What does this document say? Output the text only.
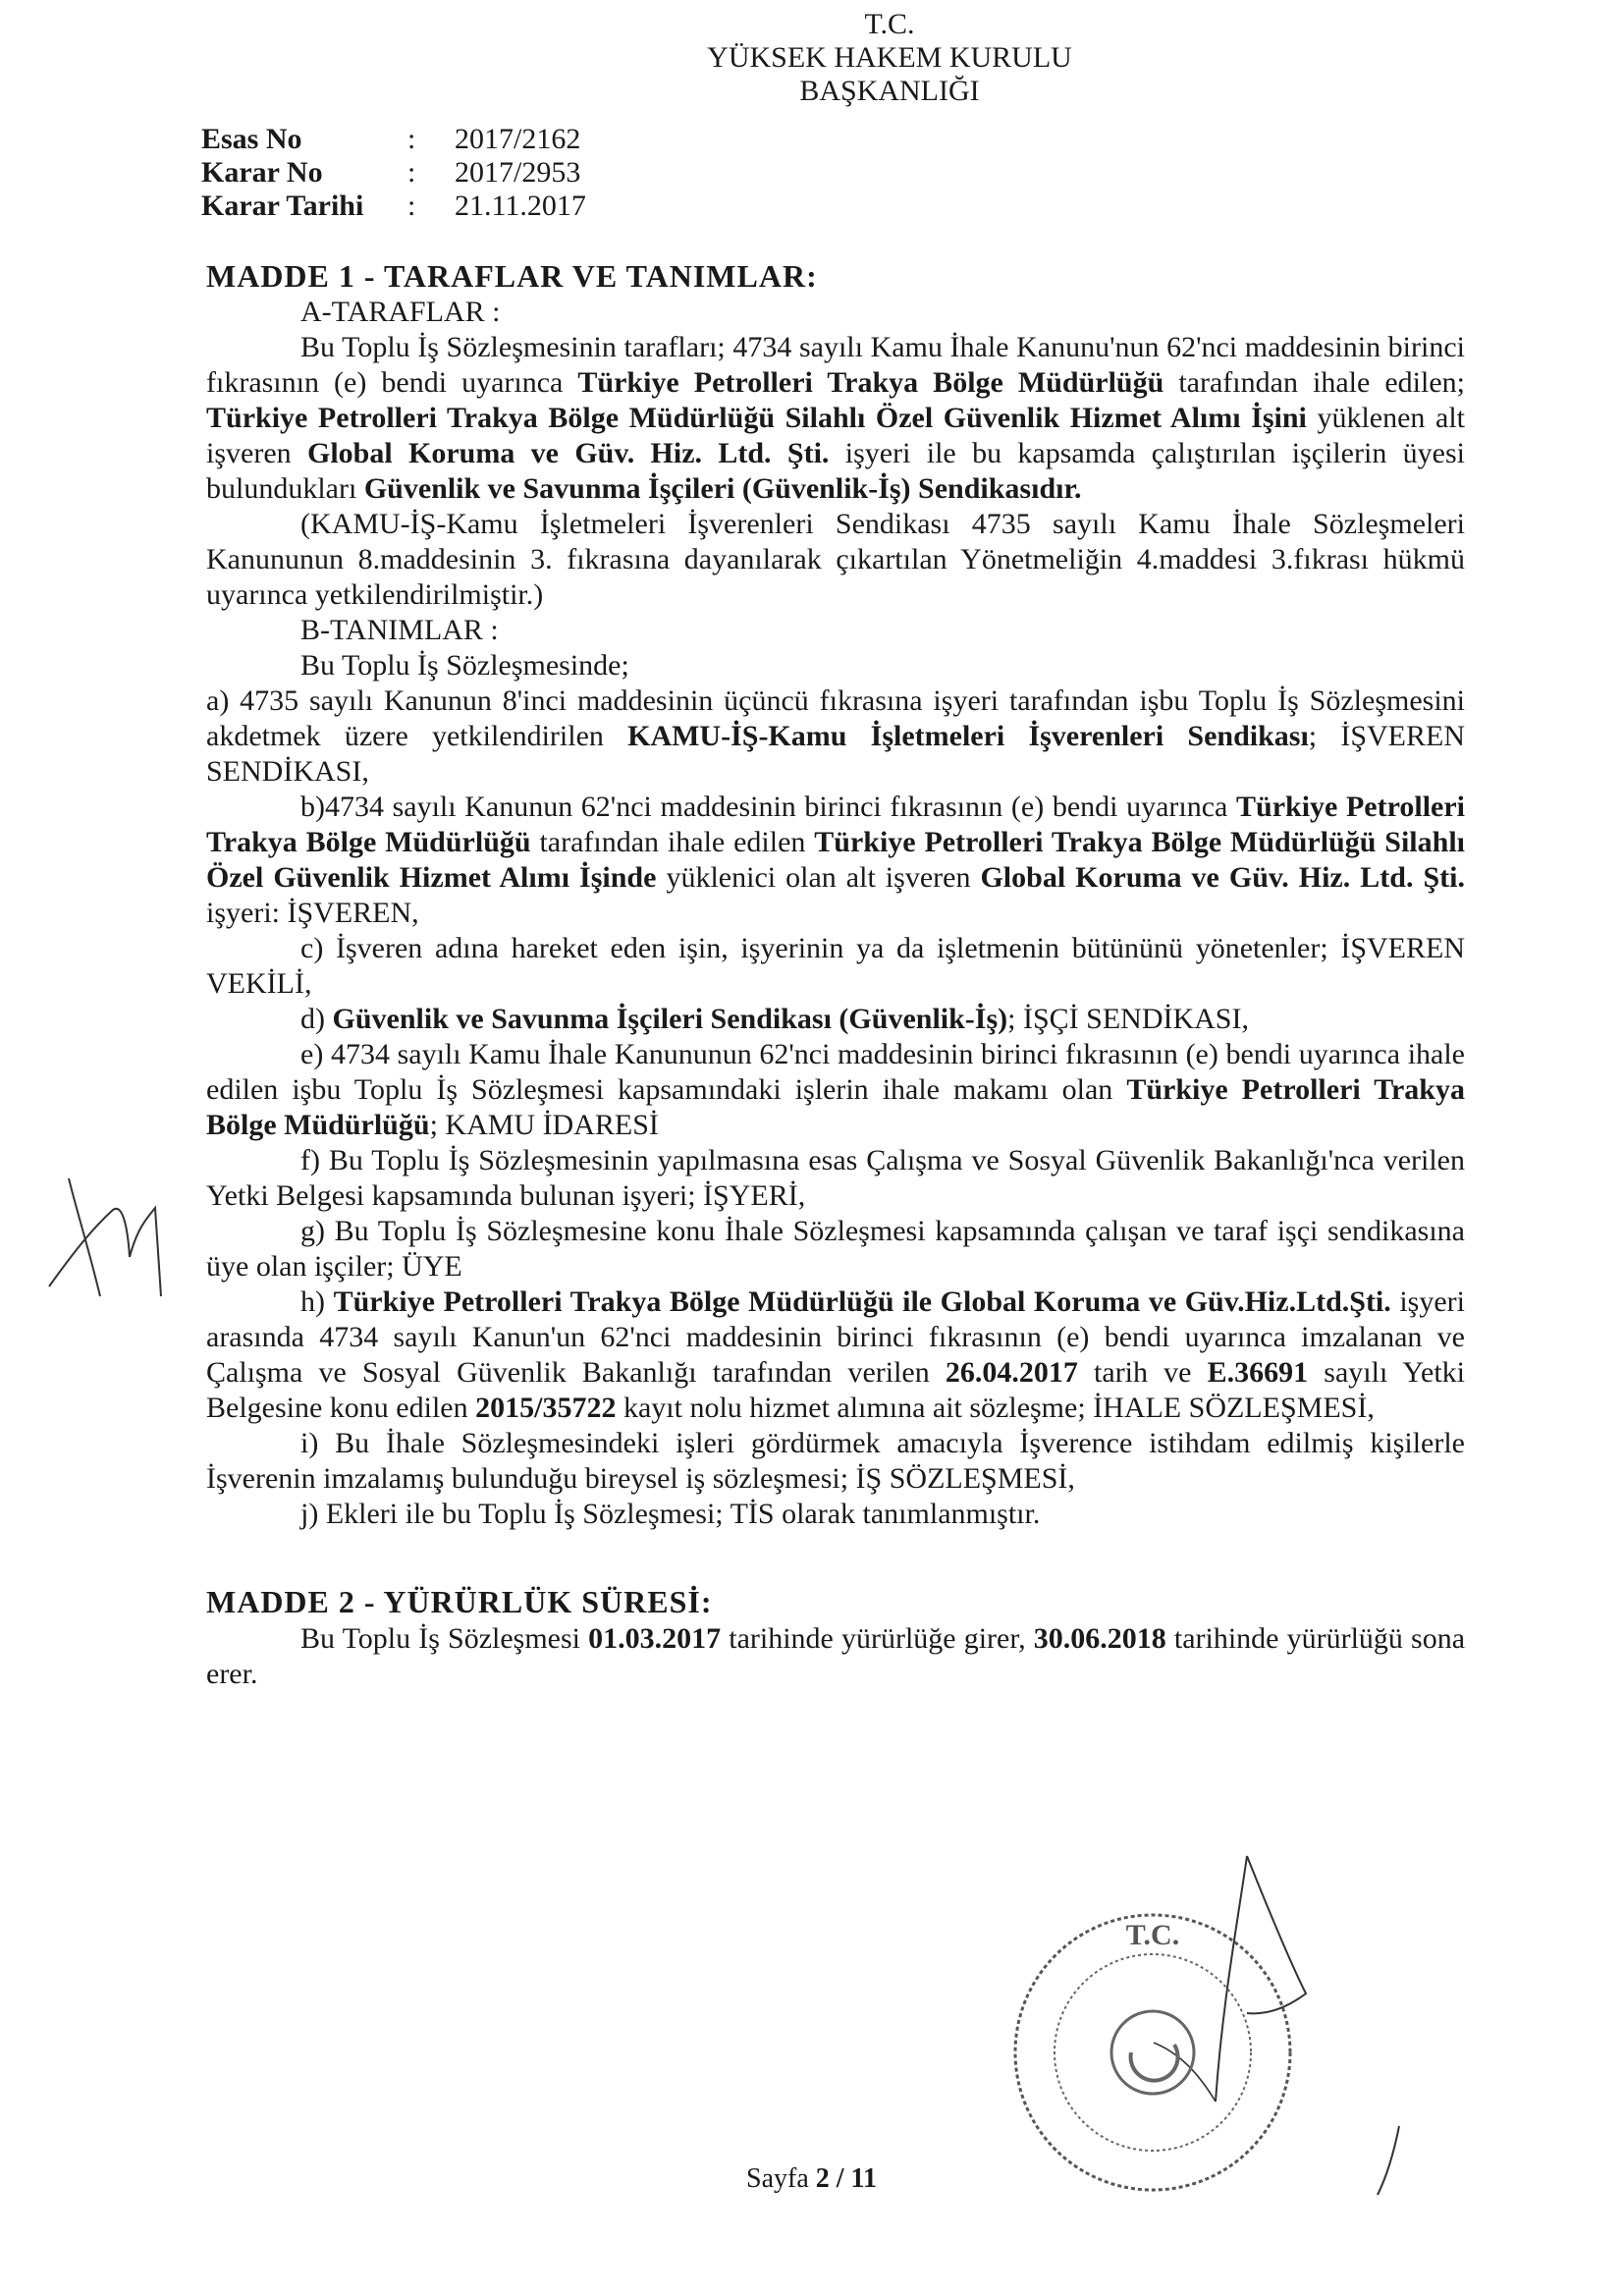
T.C.
YÜKSEK HAKEM KURULU
BAŞKANLIĞI
Esas No	: 2017/2162
Karar No	: 2017/2953
Karar Tarihi : 21.11.2017
MADDE 1 - TARAFLAR VE TANIMLAR:
A-TARAFLAR :

Bu Toplu İş Sözleşmesinin tarafları; 4734 sayılı Kamu İhale Kanunu'nun 62'nci maddesinin birinci fıkrasının (e) bendi uyarınca Türkiye Petrolleri Trakya Bölge Müdürlüğü tarafından ihale edilen; Türkiye Petrolleri Trakya Bölge Müdürlüğü Silahlı Özel Güvenlik Hizmet Alımı İşini yüklenen alt işveren Global Koruma ve Güv. Hiz. Ltd. Şti. işyeri ile bu kapsamda çalıştırılan işçilerin üyesi bulundukları Güvenlik ve Savunma İşçileri (Güvenlik-İş) Sendikasıdır.

(KAMU-İŞ-Kamu İşletmeleri İşverenleri Sendikası 4735 sayılı Kamu İhale Sözleşmeleri Kanununun 8.maddesinin 3. fıkrasına dayanılarak çıkartılan Yönetmeliğin 4.maddesi 3.fıkrası hükmü uyarınca yetkilendirilmiştir.)

B-TANIMLAR :

Bu Toplu İş Sözleşmesinde;

a) 4735 sayılı Kanunun 8'inci maddesinin üçüncü fıkrasına işyeri tarafından işbu Toplu İş Sözleşmesini akdetmek üzere yetkilendirilen KAMU-İŞ-Kamu İşletmeleri İşverenleri Sendikası; İŞVEREN SENDİKASI,

b)4734 sayılı Kanunun 62'nci maddesinin birinci fıkrasının (e) bendi uyarınca Türkiye Petrolleri Trakya Bölge Müdürlüğü tarafından ihale edilen Türkiye Petrolleri Trakya Bölge Müdürlüğü Silahlı Özel Güvenlik Hizmet Alımı İşinde yüklenici olan alt işveren Global Koruma ve Güv. Hiz. Ltd. Şti. işyeri: İŞVEREN,

c) İşveren adına hareket eden işin, işyerinin ya da işletmenin bütününü yönetenler; İŞVEREN VEKİLİ,

d) Güvenlik ve Savunma İşçileri Sendikası (Güvenlik-İş); İŞÇİ SENDİKASI,

e) 4734 sayılı Kamu İhale Kanununun 62'nci maddesinin birinci fıkrasının (e) bendi uyarınca ihale edilen işbu Toplu İş Sözleşmesi kapsamındaki işlerin ihale makamı olan Türkiye Petrolleri Trakya Bölge Müdürlüğü; KAMU İDARESİ

f) Bu Toplu İş Sözleşmesinin yapılmasına esas Çalışma ve Sosyal Güvenlik Bakanlığı'nca verilen Yetki Belgesi kapsamında bulunan işyeri; İŞYERİ,

g) Bu Toplu İş Sözleşmesine konu İhale Sözleşmesi kapsamında çalışan ve taraf işçi sendikasına üye olan işçiler; ÜYE

h) Türkiye Petrolleri Trakya Bölge Müdürlüğü ile Global Koruma ve Güv.Hiz.Ltd.Şti. işyeri arasında 4734 sayılı Kanun'un 62'nci maddesinin birinci fıkrasının (e) bendi uyarınca imzalanan ve Çalışma ve Sosyal Güvenlik Bakanlığı tarafından verilen 26.04.2017 tarih ve E.36691 sayılı Yetki Belgesine konu edilen 2015/35722 kayıt nolu hizmet alımına ait sözleşme; İHALE SÖZLEŞMESİ,

i) Bu İhale Sözleşmesindeki işleri gördürmek amacıyla İşverence istihdam edilmiş kişilerle İşverenin imzalamış bulunduğu bireysel iş sözleşmesi; İŞ SÖZLEŞMESİ,

j) Ekleri ile bu Toplu İş Sözleşmesi; TİS olarak tanımlanmıştır.

MADDE 2 - YÜRÜRLÜK SÜRESİ:

Bu Toplu İş Sözleşmesi 01.03.2017 tarihinde yürürlüğe girer, 30.06.2018 tarihinde yürürlüğü sona erer.

T.C.
Sayfa 2 / 11
